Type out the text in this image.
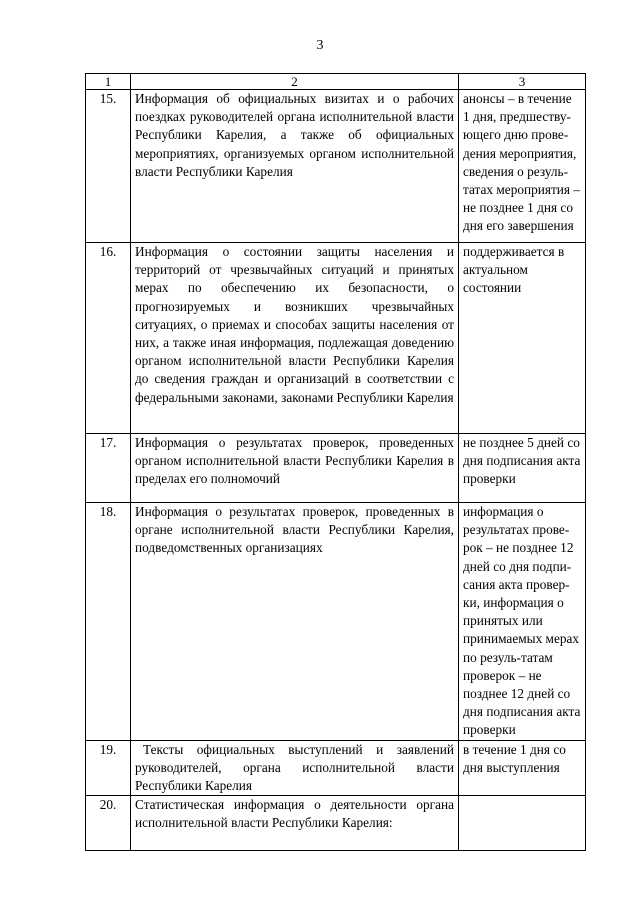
3
1	2	3
15.	Информация об официальных визитах и о рабочих поездках руководителей органа исполнительной власти Республики Карелия, а также об официальных мероприятиях, организуемых органом исполнительной власти Республики Карелия	анонсы – в течение 1 дня, предшеству-ющего дню прове-дения мероприятия, сведения о резуль-татах мероприятия – не позднее 1 дня со дня его завершения
16.	Информация о состоянии защиты населения и территорий от чрезвычайных ситуаций и принятых мерах по обеспечению их безопасности, о прогнозируемых и возникших чрезвычайных ситуациях, о приемах и способах защиты населения от них, а также иная информация, подлежащая доведению органом исполнительной власти Республики Карелия до сведения граждан и организаций в соответствии с федеральными законами, законами Республики Карелия	поддерживается в актуальном состоянии
17.	Информация о результатах проверок, проведенных органом исполнительной власти Республики Карелия в пределах его полномочий	не позднее 5 дней со дня подписания акта проверки
18.	Информация о результатах проверок, проведенных в органе исполнительной власти Республики Карелия, подведомственных организациях	информация о результатах прове-рок – не позднее 12 дней со дня подпи-сания акта провер-ки, информация о принятых или принимаемых мерах по резуль-татам проверок – не позднее 12 дней со дня подписания акта проверки
19.	Тексты официальных выступлений и заявлений руководителей, органа исполнительной власти Республики Карелия	в течение 1 дня со дня выступления
20.	Статистическая информация о деятельности органа исполнительной власти Республики Карелия:	
